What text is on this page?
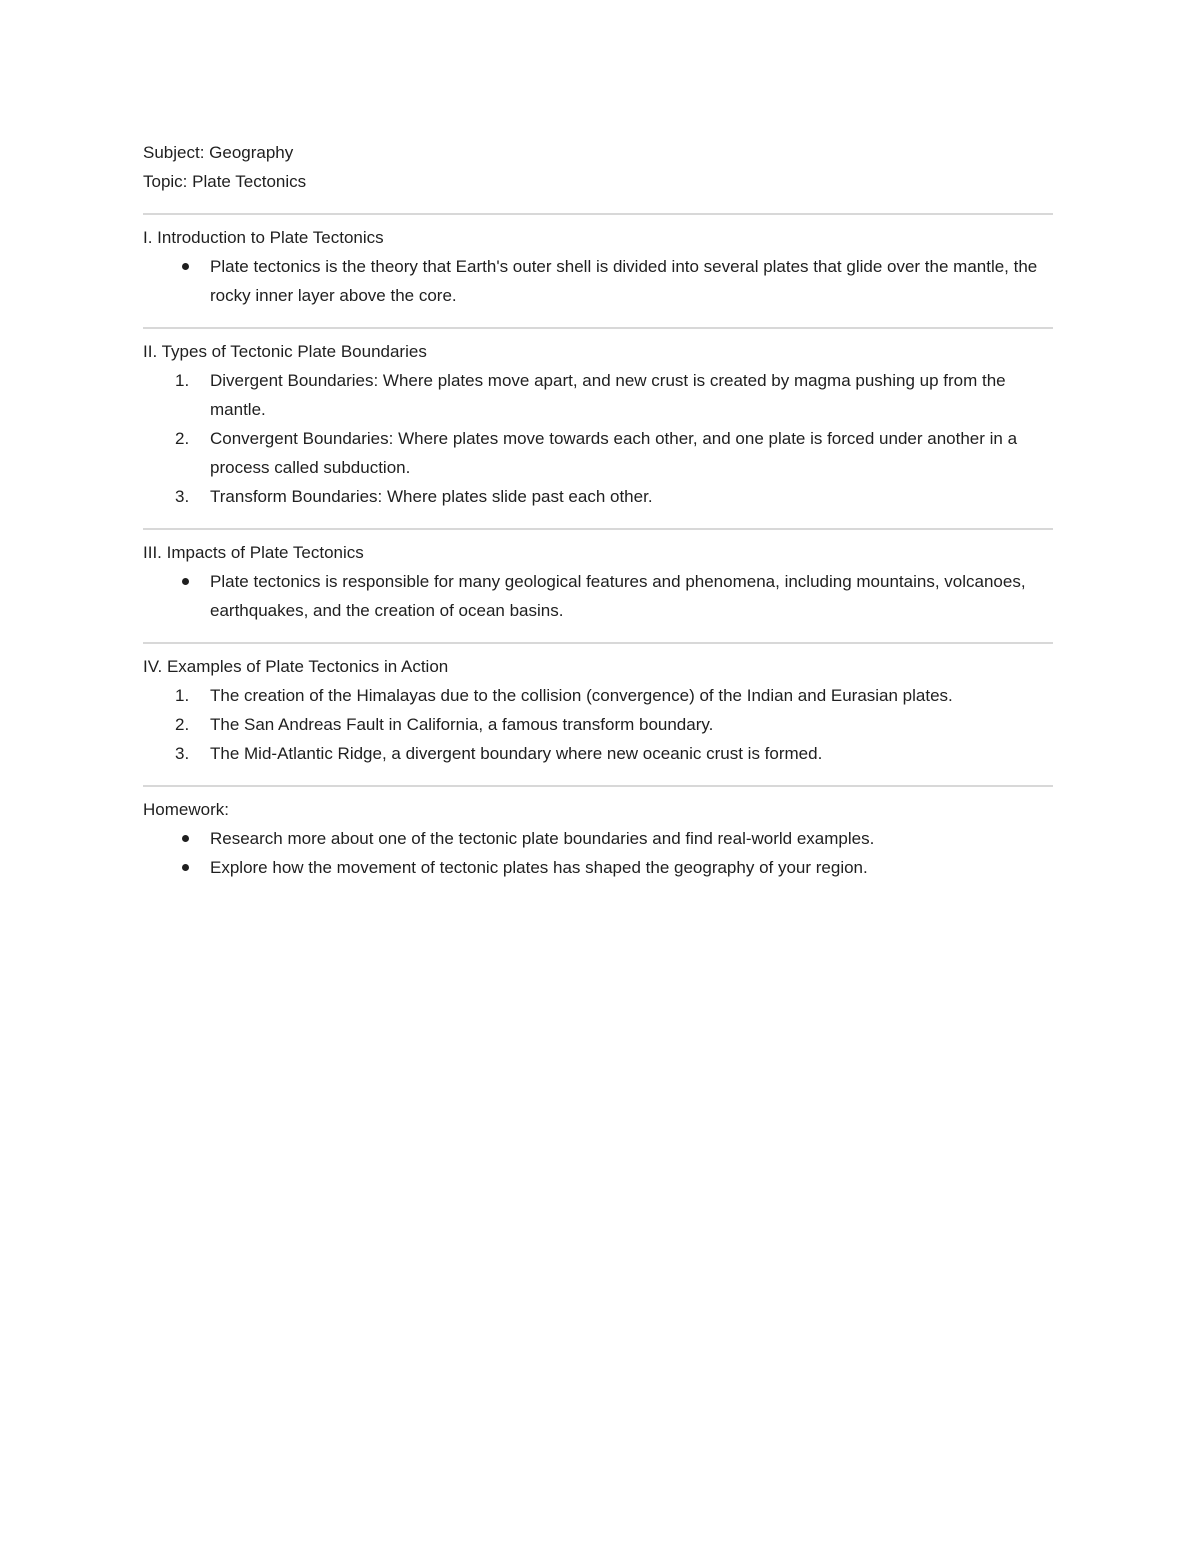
Subject: Geography

Topic: Plate Tectonics

I. Introduction to Plate Tectonics

Plate tectonics is the theory that Earth's outer shell is divided into several plates that glide over the mantle, the rocky inner layer above the core.

II. Types of Tectonic Plate Boundaries

Divergent Boundaries: Where plates move apart, and new crust is created by magma pushing up from the mantle.
Convergent Boundaries: Where plates move towards each other, and one plate is forced under another in a process called subduction.
Transform Boundaries: Where plates slide past each other.

III. Impacts of Plate Tectonics

Plate tectonics is responsible for many geological features and phenomena, including mountains, volcanoes, earthquakes, and the creation of ocean basins.

IV. Examples of Plate Tectonics in Action

The creation of the Himalayas due to the collision (convergence) of the Indian and Eurasian plates.
The San Andreas Fault in California, a famous transform boundary.
The Mid-Atlantic Ridge, a divergent boundary where new oceanic crust is formed.

Homework:

Research more about one of the tectonic plate boundaries and find real-world examples.
Explore how the movement of tectonic plates has shaped the geography of your region.
